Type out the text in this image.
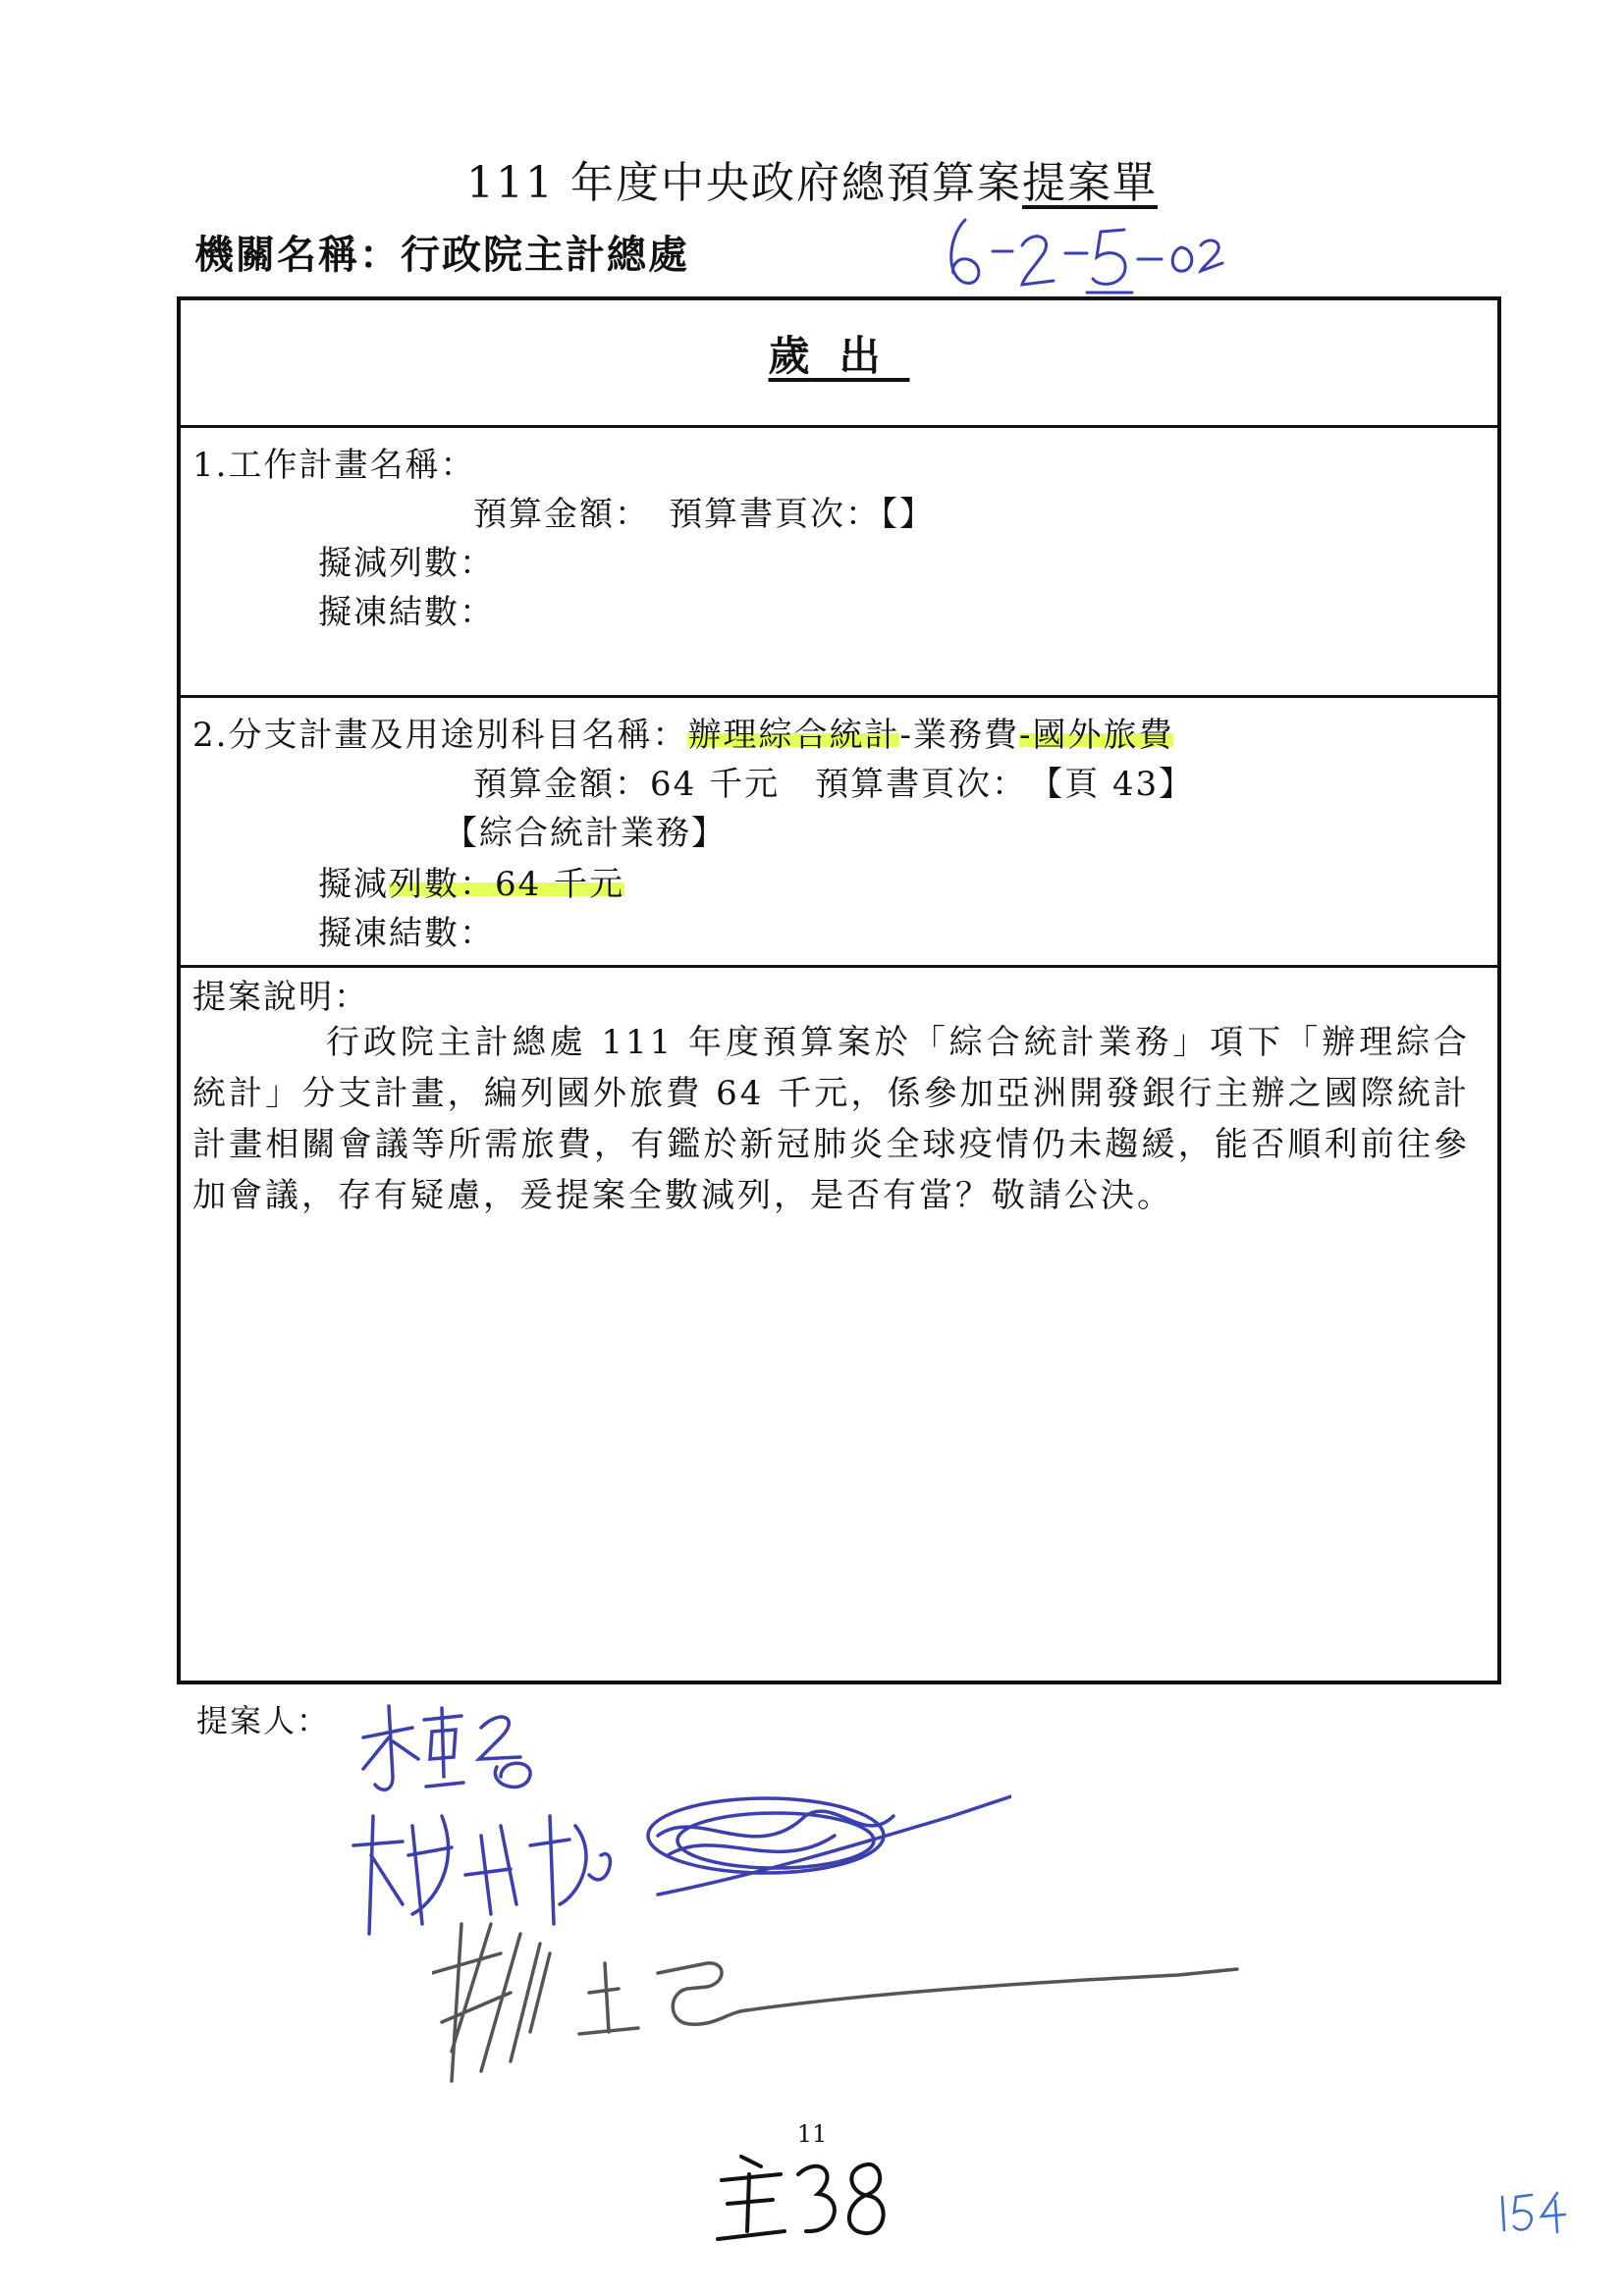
111 年度中央政府總預算案提案單
機關名稱：行政院主計總處
歲出
1.工作計畫名稱：
預算金額：　預算書頁次：【】
擬減列數：
擬凍結數：
2.分支計畫及用途別科目名稱：辦理綜合統計-業務費-國外旅費
預算金額：64 千元　預算書頁次：　【頁 43】
【綜合統計業務】
擬減列數：64 千元
擬凍結數：
提案說明：

行政院主計總處 111 年度預算案於「綜合統計業務」項下「辦理綜合統計」分支計畫，編列國外旅費 64 千元，係參加亞洲開發銀行主辦之國際統計計畫相關會議等所需旅費，有鑑於新冠肺炎全球疫情仍未趨緩，能否順利前往參加會議，存有疑慮，爰提案全數減列，是否有當？敬請公決。

提案人：
11
